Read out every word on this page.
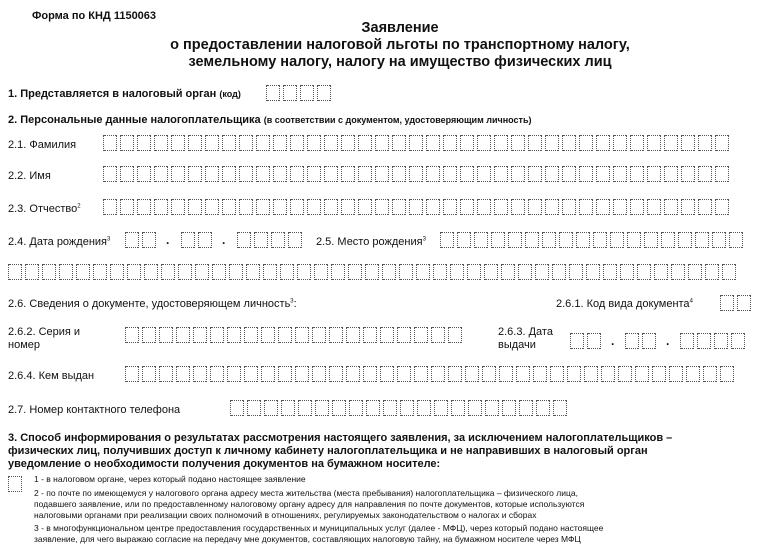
Форма по КНД 1150063
Заявление
о предоставлении налоговой льготы по транспортному налогу,
земельному налогу, налогу на имущество физических лиц
1. Представляется в налоговый орган (код)
2. Персональные данные налогоплательщика (в соответствии с документом, удостоверяющим личность)
2.1. Фамилия
2.2. Имя
2.3. Отчество$^2$
2.4. Дата рождения$^3$	.	.	2.5. Место рождения$^3$
2.6. Сведения о документе, удостоверяющем личность$^3$:	2.6.1. Код вида документа$^4$
2.6.2. Серия и
номер
2.6.3. Дата
выдачи	.	.
2.6.4. Кем выдан
2.7. Номер контактного телефона
3. Способ информирования о результатах рассмотрения настоящего заявления, за исключением налогоплательщиков –
физических лиц, получивших доступ к личному кабинету налогоплательщика и не направивших в налоговый орган
уведомление о необходимости получения документов на бумажном носителе:
1 - в налоговом органе, через который подано настоящее заявление
2 - по почте по имеющемуся у налогового органа адресу места жительства (места пребывания) налогоплательщика – физического лица,
подавшего заявление, или по предоставленному налоговому органу адресу для направления по почте документов, которые используются
налоговыми органами при реализации своих полномочий в отношениях, регулируемых законодательством о налогах и сборах
3 - в многофункциональном центре предоставления государственных и муниципальных услуг (далее - МФЦ), через который подано настоящее
заявление, для чего выражаю согласие на передачу мне документов, составляющих налоговую тайну, на бумажном носителе через МФЦ
